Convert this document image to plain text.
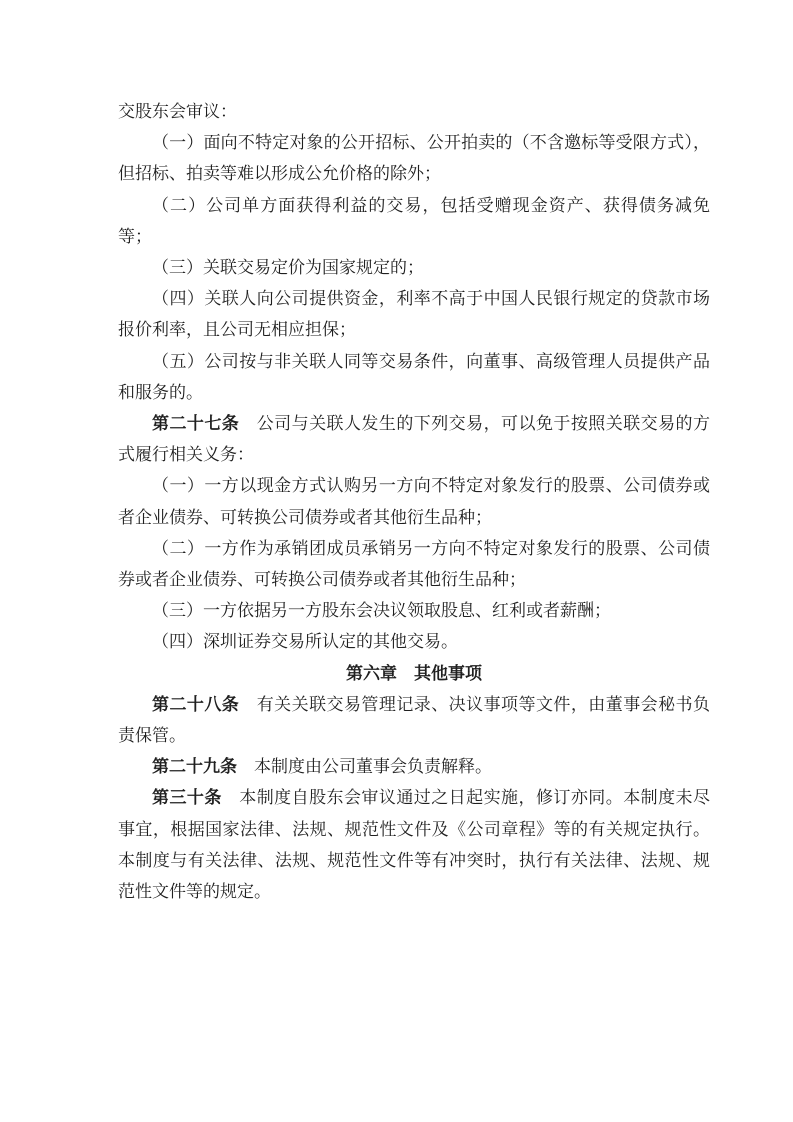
交股东会审议：

（一）面向不特定对象的公开招标、公开拍卖的（不含邀标等受限方式），但招标、拍卖等难以形成公允价格的除外；

（二）公司单方面获得利益的交易，包括受赠现金资产、获得债务减免等；

（三）关联交易定价为国家规定的；

（四）关联人向公司提供资金，利率不高于中国人民银行规定的贷款市场报价利率，且公司无相应担保；

（五）公司按与非关联人同等交易条件，向董事、高级管理人员提供产品和服务的。

第二十七条　公司与关联人发生的下列交易，可以免于按照关联交易的方式履行相关义务：

（一）一方以现金方式认购另一方向不特定对象发行的股票、公司债券或者企业债券、可转换公司债券或者其他衍生品种；

（二）一方作为承销团成员承销另一方向不特定对象发行的股票、公司债券或者企业债券、可转换公司债券或者其他衍生品种；

（三）一方依据另一方股东会决议领取股息、红利或者薪酬；

（四）深圳证券交易所认定的其他交易。

第六章　其他事项

第二十八条　有关关联交易管理记录、决议事项等文件，由董事会秘书负责保管。

第二十九条　本制度由公司董事会负责解释。

第三十条　本制度自股东会审议通过之日起实施，修订亦同。本制度未尽事宜，根据国家法律、法规、规范性文件及《公司章程》等的有关规定执行。本制度与有关法律、法规、规范性文件等有冲突时，执行有关法律、法规、规范性文件等的规定。
